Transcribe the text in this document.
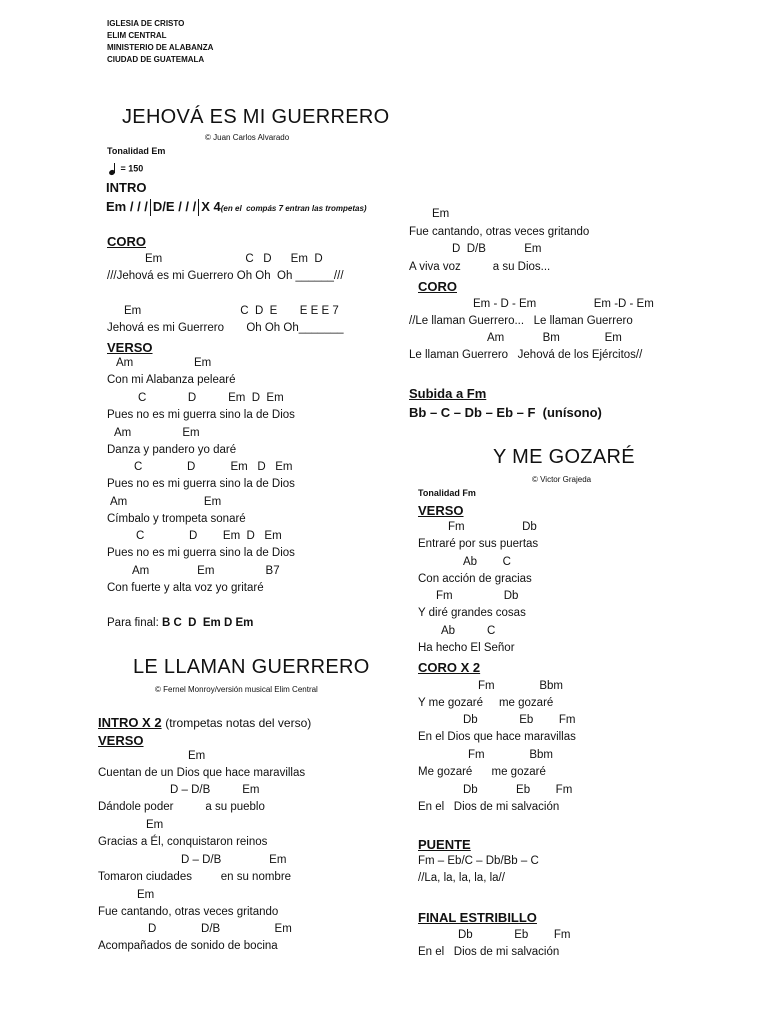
IGLESIA DE CRISTO
ELIM CENTRAL
MINISTERIO DE ALABANZA
CIUDAD DE GUATEMALA
JEHOVÁ ES MI GUERRERO
© Juan Carlos Alvarado
Tonalidad Em
= 150
INTRO
Em / / / D/E / / / X 4(en el  compás 7 entran las trompetas)
CORO
Em                          C   D      Em  D
///Jehová es mi Guerrero Oh Oh  Oh ______///
Em                               C  D  E       E E E 7
Jehová es mi Guerrero       Oh Oh Oh_______
VERSO
Am                   Em
Con mi Alabanza pelearé
C             D          Em  D  Em
Pues no es mi guerra sino la de Dios
Am                Em
Danza y pandero yo daré
C              D           Em   D   Em
Pues no es mi guerra sino la de Dios
Am                        Em
Címbalo y trompeta sonaré
C              D        Em  D   Em
Pues no es mi guerra sino la de Dios
Am               Em                B7
Con fuerte y alta voz yo gritaré
Para final: B C  D  Em D Em
LE LLAMAN GUERRERO
© Fernel Monroy/versión musical Elim Central
INTRO X 2 (trompetas notas del verso)
VERSO
Em
Cuentan de un Dios que hace maravillas
D – D/B          Em
Dándole poder          a su pueblo
Em
Gracias a Él, conquistaron reinos
D – D/B               Em
Tomaron ciudades         en su nombre
Em
Fue cantando, otras veces gritando
D              D/B                 Em
Acompañados de sonido de bocina
Em
Fue cantando, otras veces gritando
D  D/B            Em
A viva voz          a su Dios...
CORO
Em - D - Em                  Em -D - Em
//Le llaman Guerrero...   Le llaman Guerrero
Am            Bm              Em
Le llaman Guerrero   Jehová de los Ejércitos//
Subida a Fm
Bb – C – Db – Eb – F (unísono)
Y ME GOZARÉ
© Victor Grajeda
Tonalidad Fm
VERSO
Fm                  Db
Entraré por sus puertas
Ab        C
Con acción de gracias
Fm                Db
Y diré grandes cosas
Ab          C
Ha hecho El Señor
CORO X 2
Fm              Bbm
Y me gozaré     me gozaré
Db             Eb        Fm
En el Dios que hace maravillas
Fm              Bbm
Me gozaré      me gozaré
Db            Eb        Fm
En el   Dios de mi salvación
PUENTE
Fm – Eb/C – Db/Bb – C
//La, la, la, la, la//
FINAL ESTRIBILLO
Db             Eb        Fm
En el   Dios de mi salvación
